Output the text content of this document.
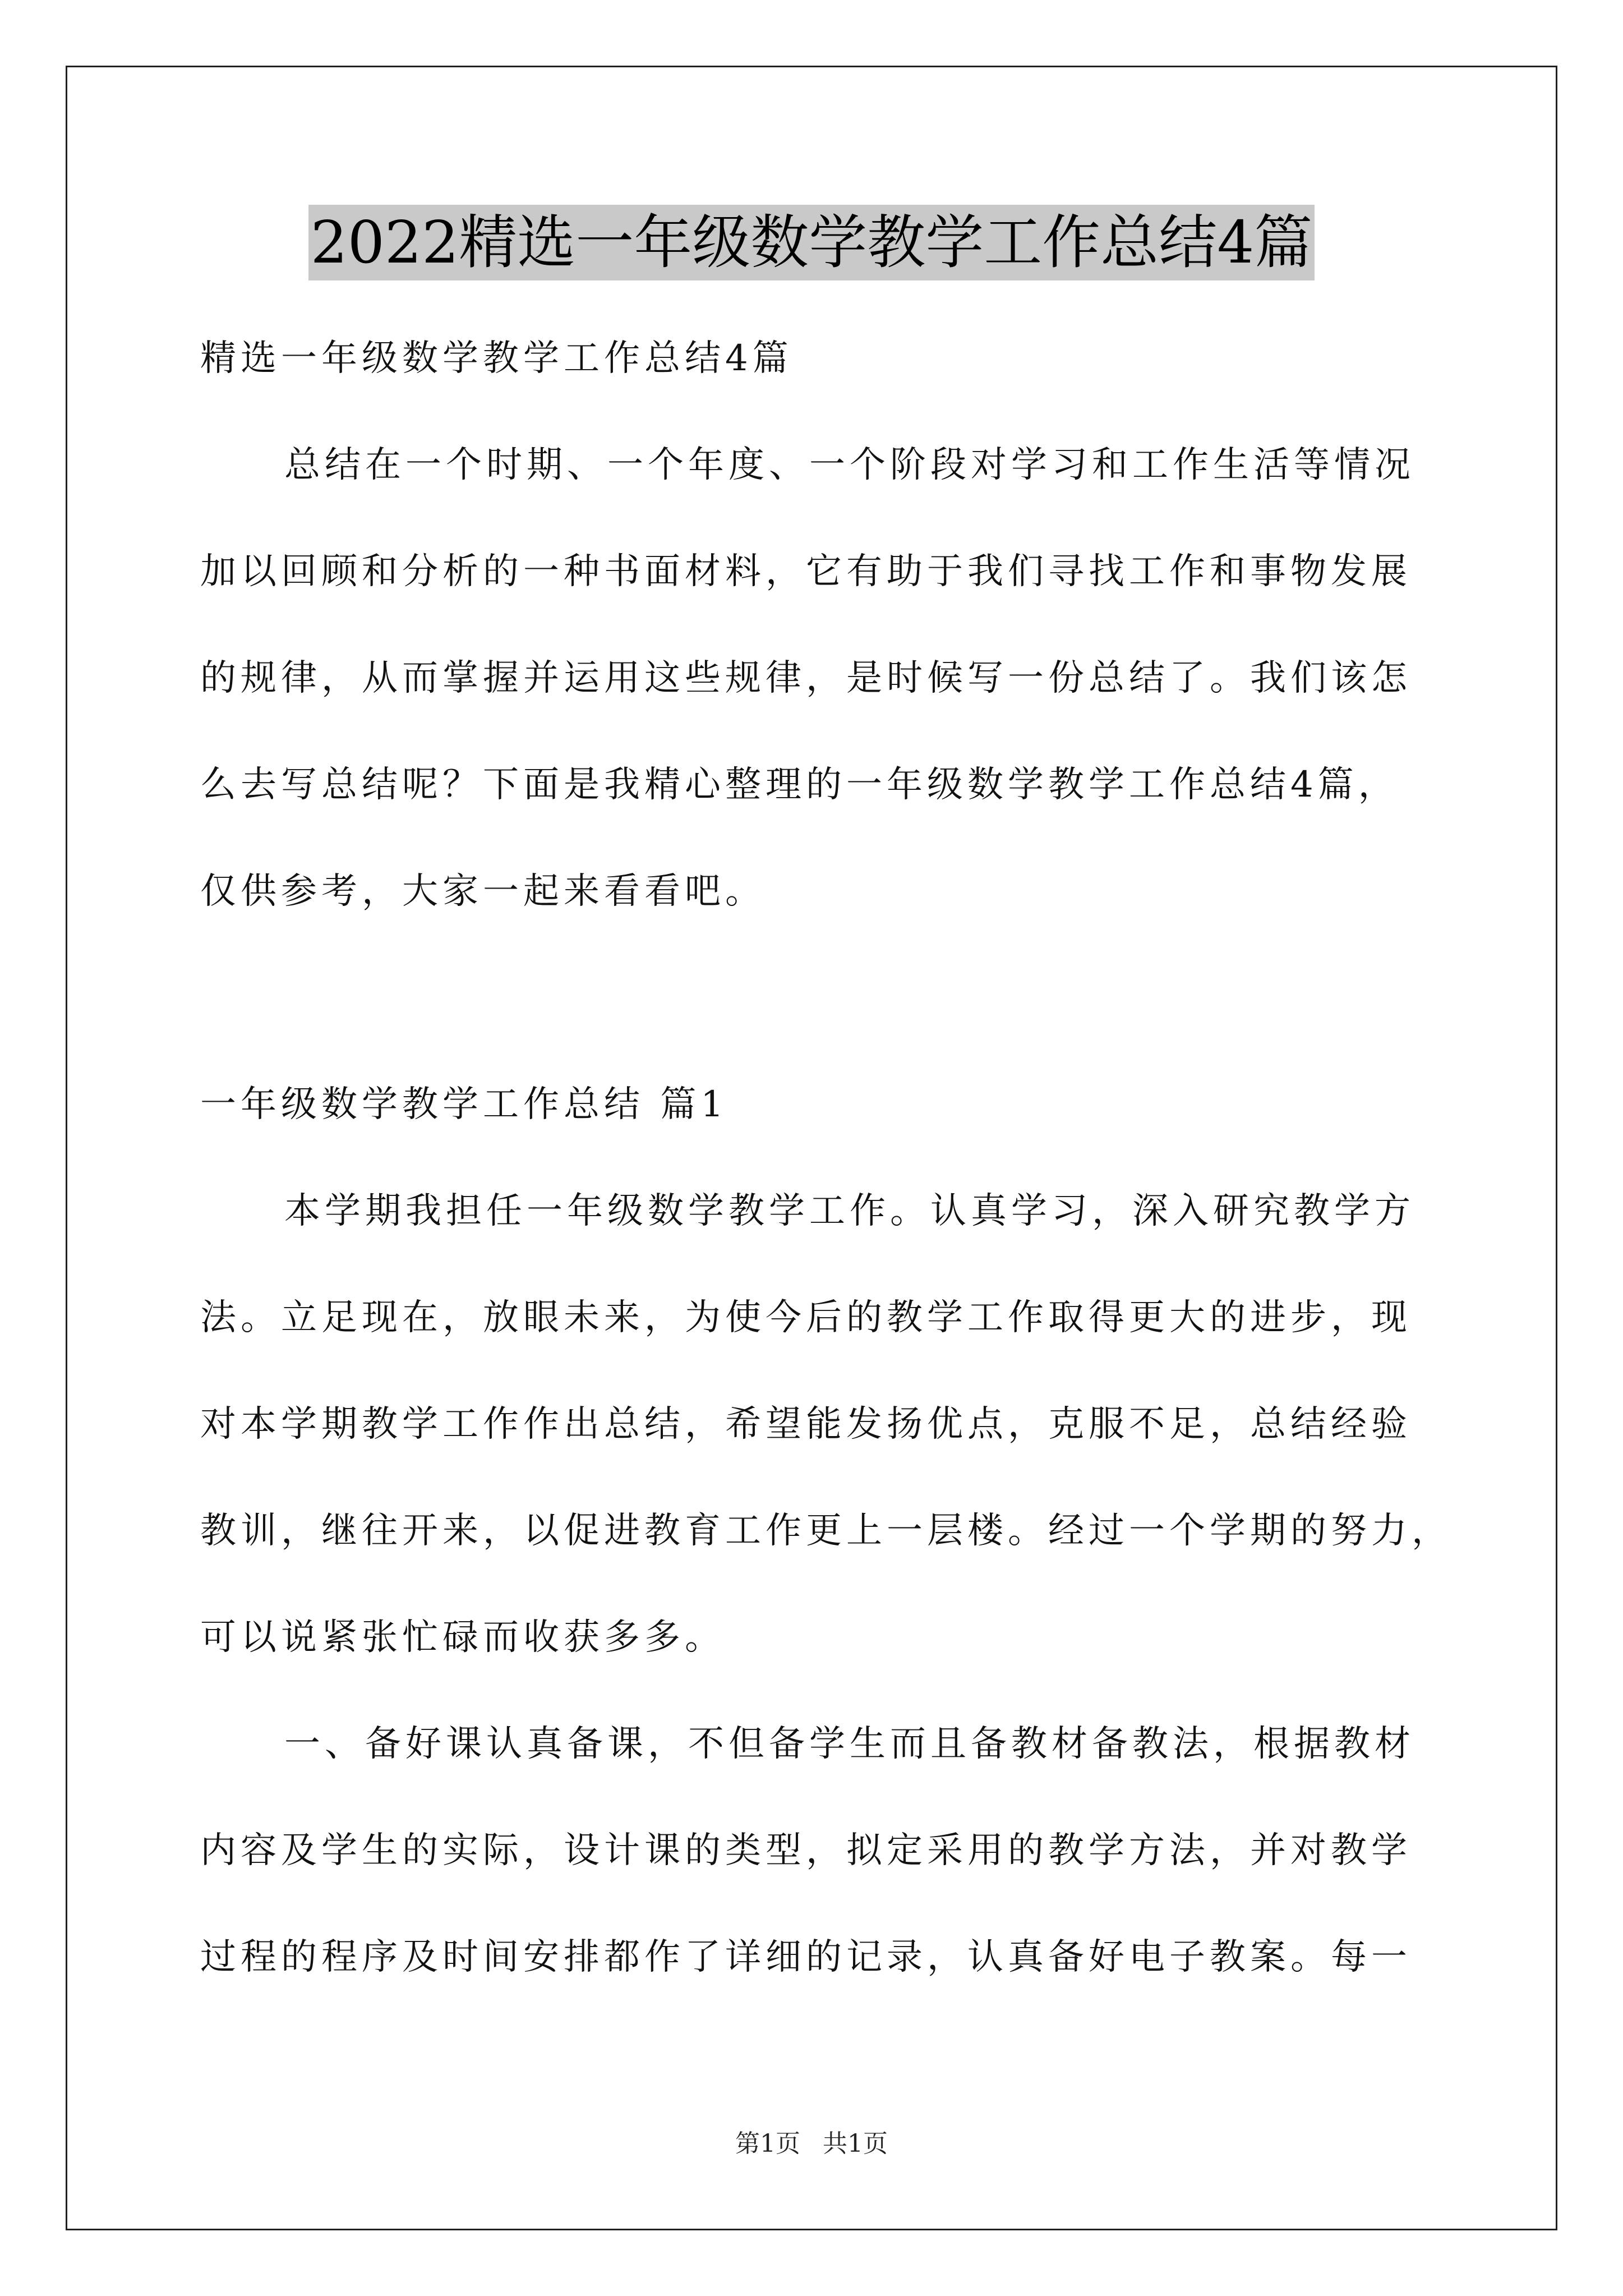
2022精选一年级数学教学工作总结4篇

精选一年级数学教学工作总结4篇

总结在一个时期、一个年度、一个阶段对学习和工作生活等情况

加以回顾和分析的一种书面材料，它有助于我们寻找工作和事物发展

的规律，从而掌握并运用这些规律，是时候写一份总结了。我们该怎

么去写总结呢？下面是我精心整理的一年级数学教学工作总结4篇，

仅供参考，大家一起来看看吧。

一年级数学教学工作总结 篇1

本学期我担任一年级数学教学工作。认真学习，深入研究教学方

法。立足现在，放眼未来，为使今后的教学工作取得更大的进步，现

对本学期教学工作作出总结，希望能发扬优点，克服不足，总结经验

教训，继往开来，以促进教育工作更上一层楼。经过一个学期的努力，

可以说紧张忙碌而收获多多。

一、备好课认真备课，不但备学生而且备教材备教法，根据教材

内容及学生的实际，设计课的类型，拟定采用的教学方法，并对教学

过程的程序及时间安排都作了详细的记录，认真备好电子教案。每一

第1页 共1页
